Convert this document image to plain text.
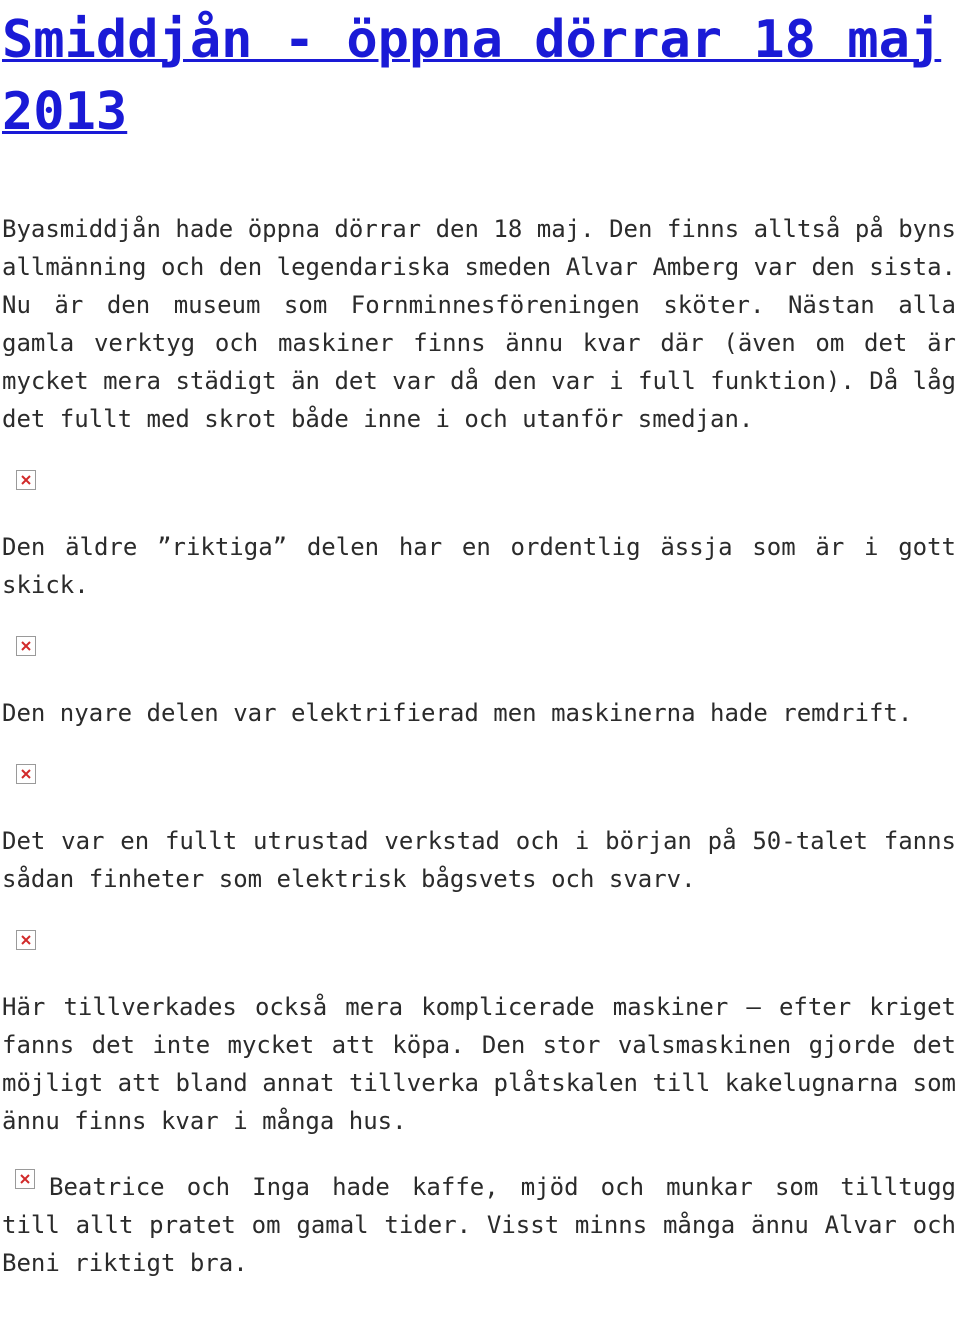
Smiddjån - öppna dörrar 18 maj 2013

Byasmiddjån hade öppna dörrar den 18 maj. Den finns alltså på byns allmänning och den legendariska smeden Alvar Amberg var den sista. Nu är den museum som Fornminnesföreningen sköter. Nästan alla gamla verktyg och maskiner finns ännu kvar där (även om det är mycket mera städigt än det var då den var i full funktion). Då låg det fullt med skrot både inne i och utanför smedjan.

Den äldre ”riktiga” delen har en ordentlig ässja som är i gott skick.

Den nyare delen var elektrifierad men maskinerna hade remdrift.

Det var en fullt utrustad verkstad och i början på 50-talet fanns sådan finheter som elektrisk bågsvets och svarv.

Här tillverkades också mera komplicerade maskiner – efter kriget fanns det inte mycket att köpa. Den stor valsmaskinen gjorde det möjligt att bland annat tillverka plåtskalen till kakelugnarna som ännu finns kvar i många hus.

Beatrice och Inga hade kaffe, mjöd och munkar som tilltugg till allt pratet om gamal tider. Visst minns många ännu Alvar och Beni riktigt bra.
